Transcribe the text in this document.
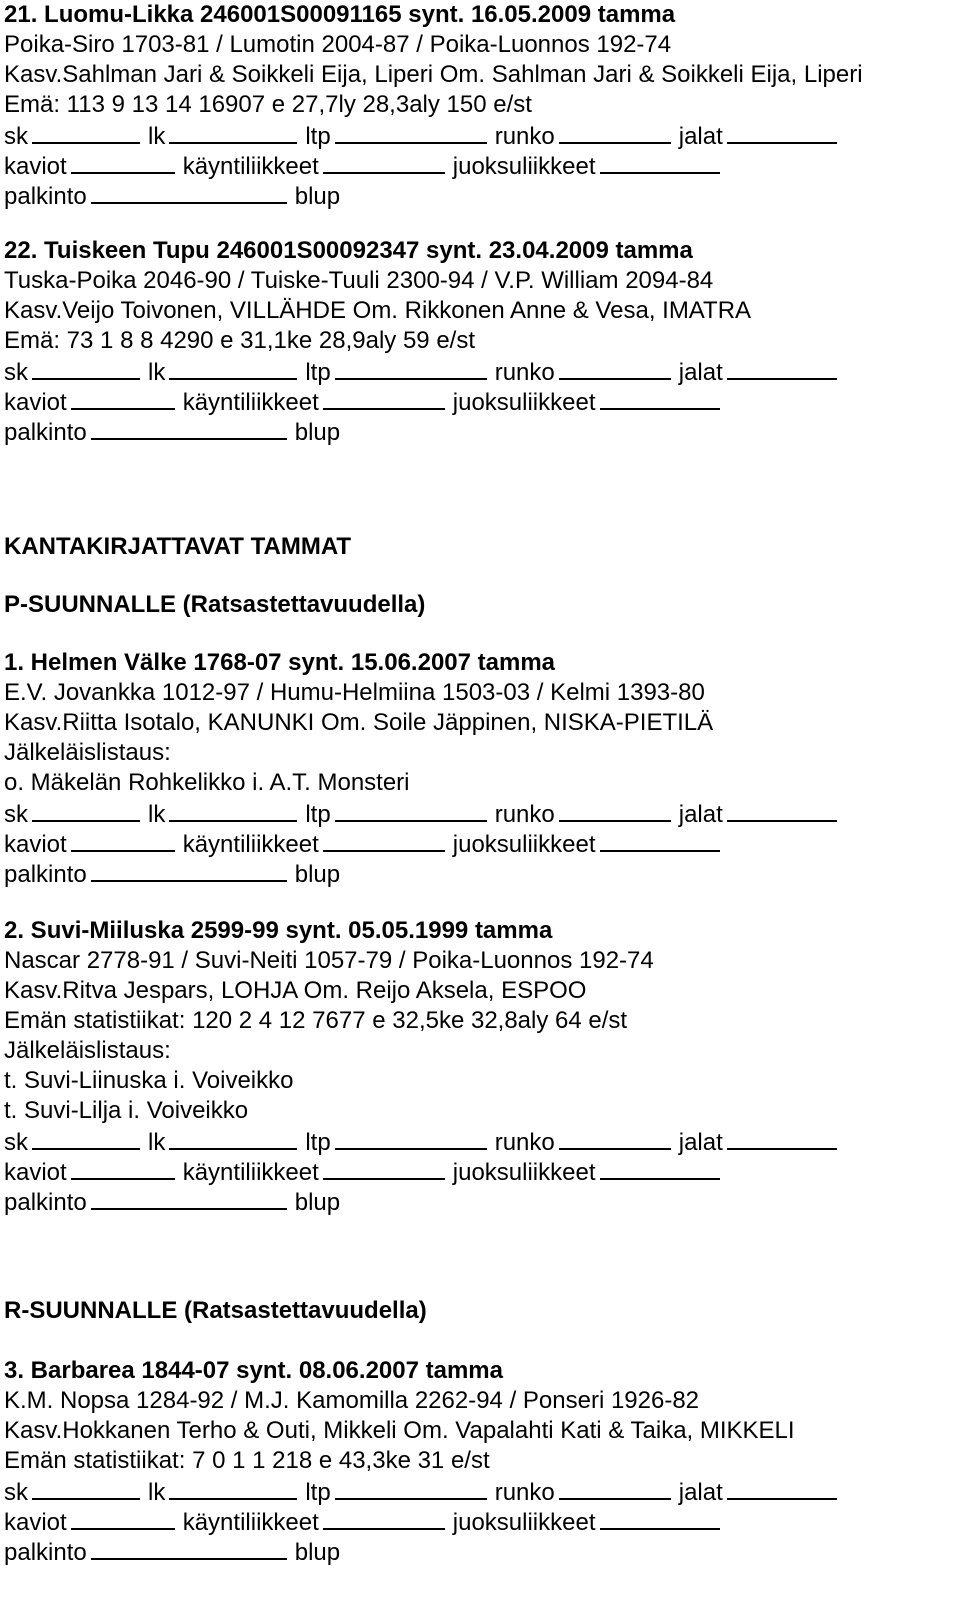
21. Luomu-Likka 246001S00091165 synt. 16.05.2009 tamma
Poika-Siro 1703-81 / Lumotin 2004-87 / Poika-Luonnos 192-74
Kasv.Sahlman Jari & Soikkeli Eija, Liperi Om. Sahlman Jari & Soikkeli Eija, Liperi
Emä: 113 9 13 14 16907 e 27,7ly 28,3aly 150 e/st
sk	lk	ltp	runko	jalat
kaviot	käyntiliikkeet	juoksuliikkeet
palkinto	blup
22. Tuiskeen Tupu 246001S00092347 synt. 23.04.2009 tamma
Tuska-Poika 2046-90 / Tuiske-Tuuli 2300-94 / V.P. William 2094-84
Kasv.Veijo Toivonen, VILLÄHDE Om. Rikkonen Anne & Vesa, IMATRA
Emä: 73 1 8 8 4290 e 31,1ke 28,9aly 59 e/st
sk	lk	ltp	runko	jalat
kaviot	käyntiliikkeet	juoksuliikkeet
palkinto	blup
KANTAKIRJATTAVAT TAMMAT
P-SUUNNALLE (Ratsastettavuudella)
1. Helmen Välke 1768-07 synt. 15.06.2007 tamma
E.V. Jovankka 1012-97 / Humu-Helmiina 1503-03 / Kelmi 1393-80
Kasv.Riitta Isotalo, KANUNKI Om. Soile Jäppinen, NISKA-PIETILÄ
Jälkeläislistaus:
o. Mäkelän Rohkelikko i. A.T. Monsteri
sk	lk	ltp	runko	jalat
kaviot	käyntiliikkeet	juoksuliikkeet
palkinto	blup
2. Suvi-Miiluska 2599-99 synt. 05.05.1999 tamma
Nascar 2778-91 / Suvi-Neiti 1057-79 / Poika-Luonnos 192-74
Kasv.Ritva Jespars, LOHJA Om. Reijo Aksela, ESPOO
Emän statistiikat: 120 2 4 12 7677 e 32,5ke 32,8aly 64 e/st
Jälkeläislistaus:
t. Suvi-Liinuska i. Voiveikko
t. Suvi-Lilja i. Voiveikko
sk	lk	ltp	runko	jalat
kaviot	käyntiliikkeet	juoksuliikkeet
palkinto	blup
R-SUUNNALLE (Ratsastettavuudella)
3. Barbarea 1844-07 synt. 08.06.2007 tamma
K.M. Nopsa 1284-92 / M.J. Kamomilla 2262-94 / Ponseri 1926-82
Kasv.Hokkanen Terho & Outi, Mikkeli Om. Vapalahti Kati & Taika, MIKKELI
Emän statistiikat: 7 0 1 1 218 e 43,3ke 31 e/st
sk	lk	ltp	runko	jalat
kaviot	käyntiliikkeet	juoksuliikkeet
palkinto	blup
